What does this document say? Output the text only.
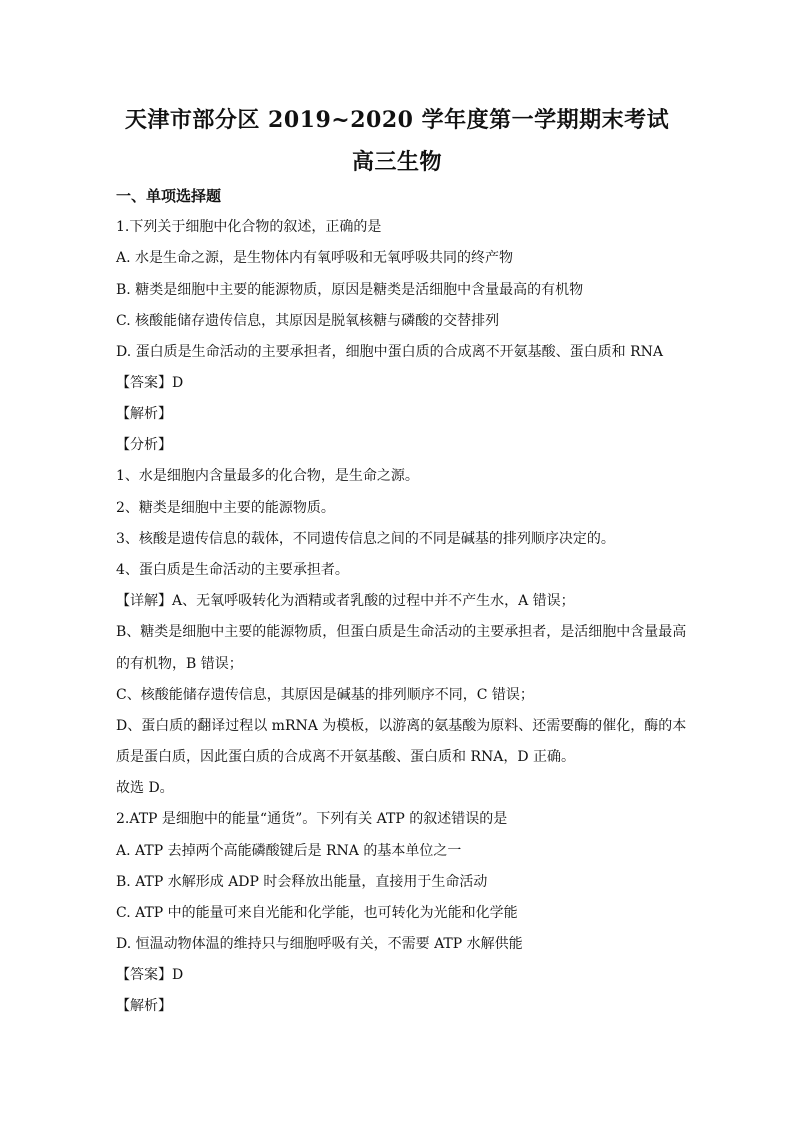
天津市部分区 2019~2020 学年度第一学期期末考试
高三生物
一、单项选择题
1.下列关于细胞中化合物的叙述，正确的是
A. 水是生命之源，是生物体内有氧呼吸和无氧呼吸共同的终产物
B. 糖类是细胞中主要的能源物质，原因是糖类是活细胞中含量最高的有机物
C. 核酸能储存遗传信息，其原因是脱氧核糖与磷酸的交替排列
D. 蛋白质是生命活动的主要承担者，细胞中蛋白质的合成离不开氨基酸、蛋白质和 RNA
【答案】D
【解析】
【分析】
1、水是细胞内含量最多的化合物，是生命之源。
2、糖类是细胞中主要的能源物质。
3、核酸是遗传信息的载体，不同遗传信息之间的不同是碱基的排列顺序决定的。
4、蛋白质是生命活动的主要承担者。
【详解】A、无氧呼吸转化为酒精或者乳酸的过程中并不产生水，A 错误；
B、糖类是细胞中主要的能源物质，但蛋白质是生命活动的主要承担者，是活细胞中含量最高
的有机物，B 错误；
C、核酸能储存遗传信息，其原因是碱基的排列顺序不同，C 错误；
D、蛋白质的翻译过程以 mRNA 为模板，以游离的氨基酸为原料、还需要酶的催化，酶的本
质是蛋白质，因此蛋白质的合成离不开氨基酸、蛋白质和 RNA，D 正确。
故选 D。
2.ATP 是细胞中的能量“通货”。下列有关 ATP 的叙述错误的是
A. ATP 去掉两个高能磷酸键后是 RNA 的基本单位之一
B. ATP 水解形成 ADP 时会释放出能量，直接用于生命活动
C. ATP 中的能量可来自光能和化学能，也可转化为光能和化学能
D. 恒温动物体温的维持只与细胞呼吸有关，不需要 ATP 水解供能
【答案】D
【解析】
